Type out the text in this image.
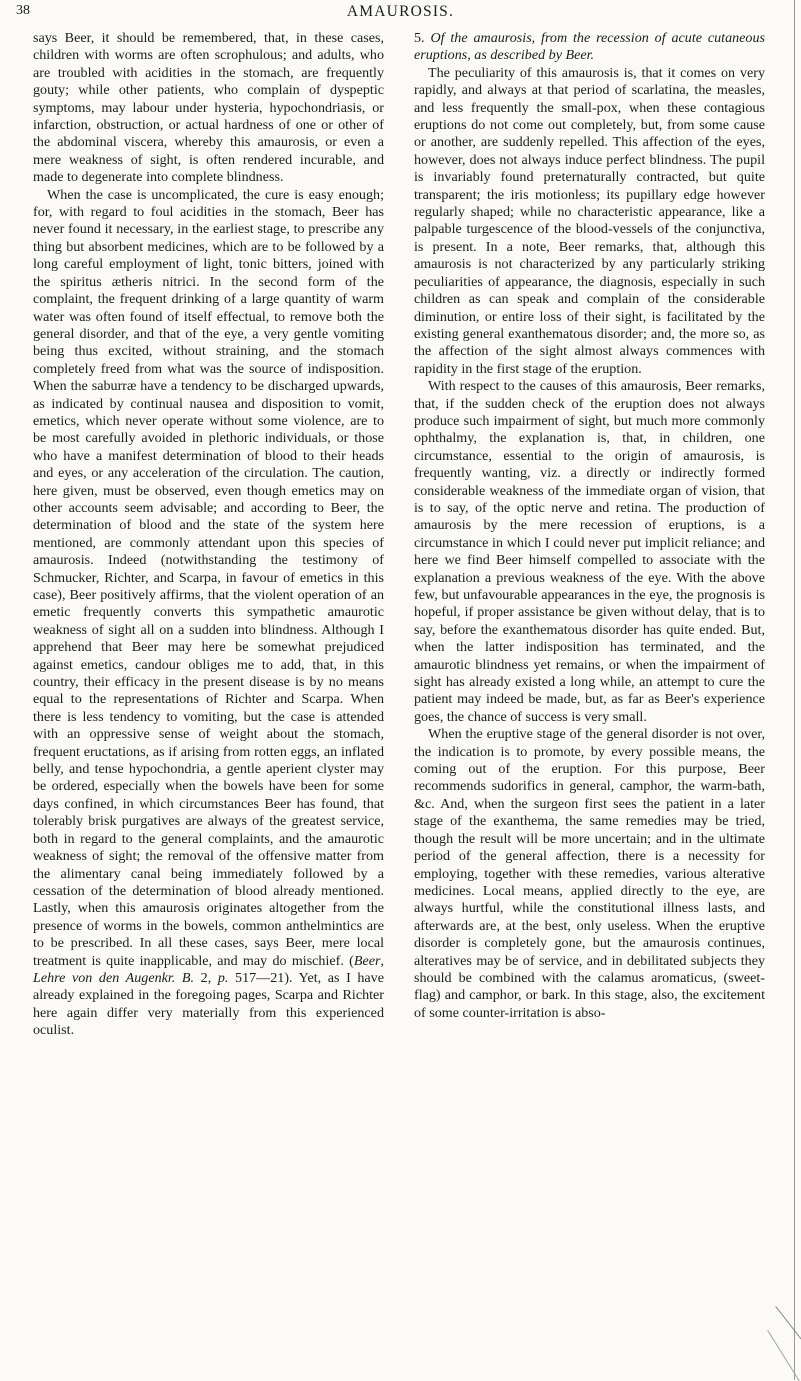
38	AMAUROSIS.

says Beer, it should be remembered, that, in these cases, children with worms are often scrophulous; and adults, who are troubled with acidities in the stomach, are frequently gouty; while other patients, who complain of dyspeptic symptoms, may labour under hysteria, hypochondriasis, or infarction, obstruction, or actual hardness of one or other of the abdominal viscera, whereby this amaurosis, or even a mere weakness of sight, is often rendered incurable, and made to degenerate into complete blindness.

When the case is uncomplicated, the cure is easy enough; for, with regard to foul acidities in the stomach, Beer has never found it necessary, in the earliest stage, to prescribe any thing but absorbent medicines, which are to be followed by a long careful employment of light, tonic bitters, joined with the spiritus ætheris nitrici. In the second form of the complaint, the frequent drinking of a large quantity of warm water was often found of itself effectual, to remove both the general disorder, and that of the eye, a very gentle vomiting being thus excited, without straining, and the stomach completely freed from what was the source of indisposition. When the saburræ have a tendency to be discharged upwards, as indicated by continual nausea and disposition to vomit, emetics, which never operate without some violence, are to be most carefully avoided in plethoric individuals, or those who have a manifest determination of blood to their heads and eyes, or any acceleration of the circulation. The caution, here given, must be observed, even though emetics may on other accounts seem advisable; and according to Beer, the determination of blood and the state of the system here mentioned, are commonly attendant upon this species of amaurosis. Indeed (notwithstanding the testimony of Schmucker, Richter, and Scarpa, in favour of emetics in this case), Beer positively affirms, that the violent operation of an emetic frequently converts this sympathetic amaurotic weakness of sight all on a sudden into blindness. Although I apprehend that Beer may here be somewhat prejudiced against emetics, candour obliges me to add, that, in this country, their efficacy in the present disease is by no means equal to the representations of Richter and Scarpa. When there is less tendency to vomiting, but the case is attended with an oppressive sense of weight about the stomach, frequent eructations, as if arising from rotten eggs, an inflated belly, and tense hypochondria, a gentle aperient clyster may be ordered, especially when the bowels have been for some days confined, in which circumstances Beer has found, that tolerably brisk purgatives are always of the greatest service, both in regard to the general complaints, and the amaurotic weakness of sight; the removal of the offensive matter from the alimentary canal being immediately followed by a cessation of the determination of blood already mentioned. Lastly, when this amaurosis originates altogether from the presence of worms in the bowels, common anthelmintics are to be prescribed. In all these cases, says Beer, mere local treatment is quite inapplicable, and may do mischief. (Beer, Lehre von den Augenkr. B. 2, p. 517—21). Yet, as I have already explained in the foregoing pages, Scarpa and Richter here again differ very materially from this experienced oculist.

5. Of the amaurosis, from the recession of acute cutaneous eruptions, as described by Beer.

The peculiarity of this amaurosis is, that it comes on very rapidly, and always at that period of scarlatina, the measles, and less frequently the small-pox, when these contagious eruptions do not come out completely, but, from some cause or another, are suddenly repelled. This affection of the eyes, however, does not always induce perfect blindness. The pupil is invariably found preternaturally contracted, but quite transparent; the iris motionless; its pupillary edge however regularly shaped; while no characteristic appearance, like a palpable turgescence of the blood-vessels of the conjunctiva, is present. In a note, Beer remarks, that, although this amaurosis is not characterized by any particularly striking peculiarities of appearance, the diagnosis, especially in such children as can speak and complain of the considerable diminution, or entire loss of their sight, is facilitated by the existing general exanthematous disorder; and, the more so, as the affection of the sight almost always commences with rapidity in the first stage of the eruption.

With respect to the causes of this amaurosis, Beer remarks, that, if the sudden check of the eruption does not always produce such impairment of sight, but much more commonly ophthalmy, the explanation is, that, in children, one circumstance, essential to the origin of amaurosis, is frequently wanting, viz. a directly or indirectly formed considerable weakness of the immediate organ of vision, that is to say, of the optic nerve and retina. The production of amaurosis by the mere recession of eruptions, is a circumstance in which I could never put implicit reliance; and here we find Beer himself compelled to associate with the explanation a previous weakness of the eye. With the above few, but unfavourable appearances in the eye, the prognosis is hopeful, if proper assistance be given without delay, that is to say, before the exanthematous disorder has quite ended. But, when the latter indisposition has terminated, and the amaurotic blindness yet remains, or when the impairment of sight has already existed a long while, an attempt to cure the patient may indeed be made, but, as far as Beer's experience goes, the chance of success is very small.

When the eruptive stage of the general disorder is not over, the indication is to promote, by every possible means, the coming out of the eruption. For this purpose, Beer recommends sudorifics in general, camphor, the warm-bath, &c. And, when the surgeon first sees the patient in a later stage of the exanthema, the same remedies may be tried, though the result will be more uncertain; and in the ultimate period of the general affection, there is a necessity for employing, together with these remedies, various alterative medicines. Local means, applied directly to the eye, are always hurtful, while the constitutional illness lasts, and afterwards are, at the best, only useless. When the eruptive disorder is completely gone, but the amaurosis continues, alteratives may be of service, and in debilitated subjects they should be combined with the calamus aromaticus, (sweet-flag) and camphor, or bark. In this stage, also, the excitement of some counter-irritation is abso-
